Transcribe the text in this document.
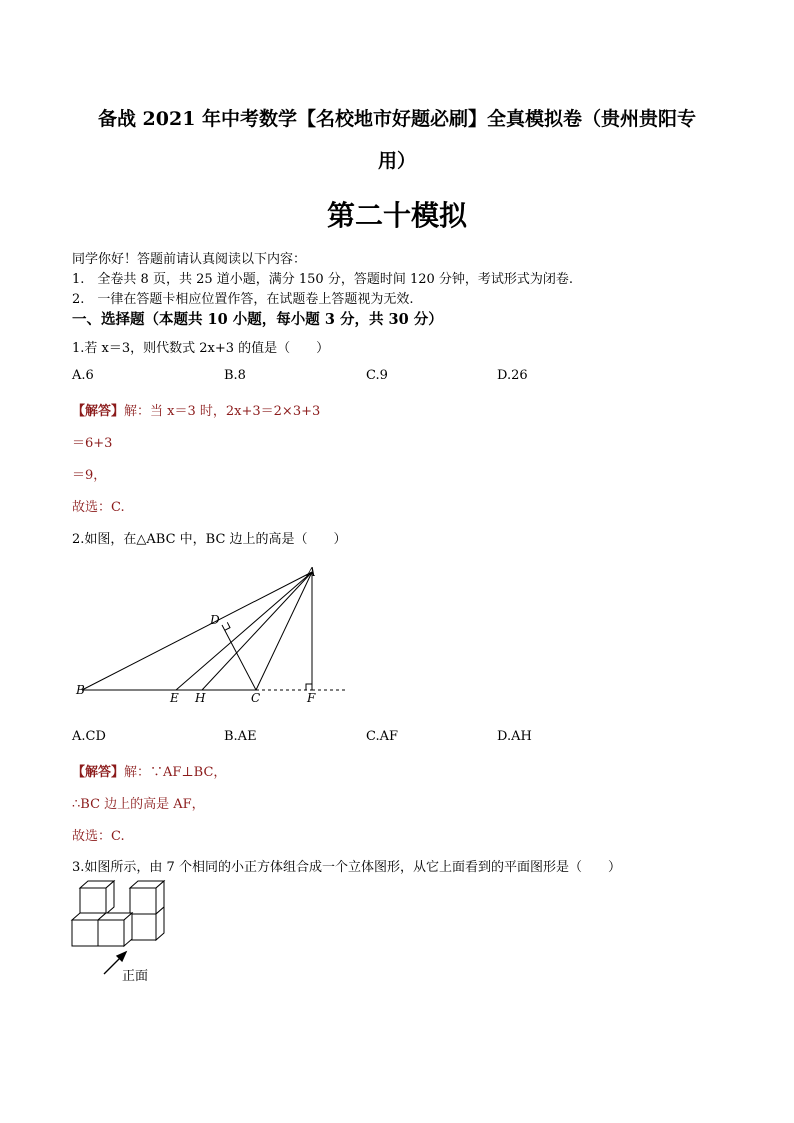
备战 2021 年中考数学【名校地市好题必刷】全真模拟卷（贵州贵阳专
用）
第二十模拟
同学你好！答题前请认真阅读以下内容：
1.　全卷共 8 页，共 25 道小题，满分 150 分，答题时间 120 分钟，考试形式为闭卷.
2.　一律在答题卡相应位置作答，在试题卷上答题视为无效.
一、选择题（本题共 10 小题，每小题 3 分，共 30 分）
1.若 x＝3，则代数式 2x+3 的值是（　　）
A.6	B.8	C.9	D.26
【解答】解：当 x＝3 时，2x+3＝2×3+3
＝6+3
＝9，
故选：C.
2.如图，在△ABC 中，BC 边上的高是（　　）
A
B
C
D
E	F
H
A.CD	B.AE	C.AF	D.AH
【解答】解：∵AF⊥BC，
∴BC 边上的高是 AF，
故选：C.
3.如图所示，由 7 个相同的小正方体组合成一个立体图形，从它上面看到的平面图形是（　　）
正面
